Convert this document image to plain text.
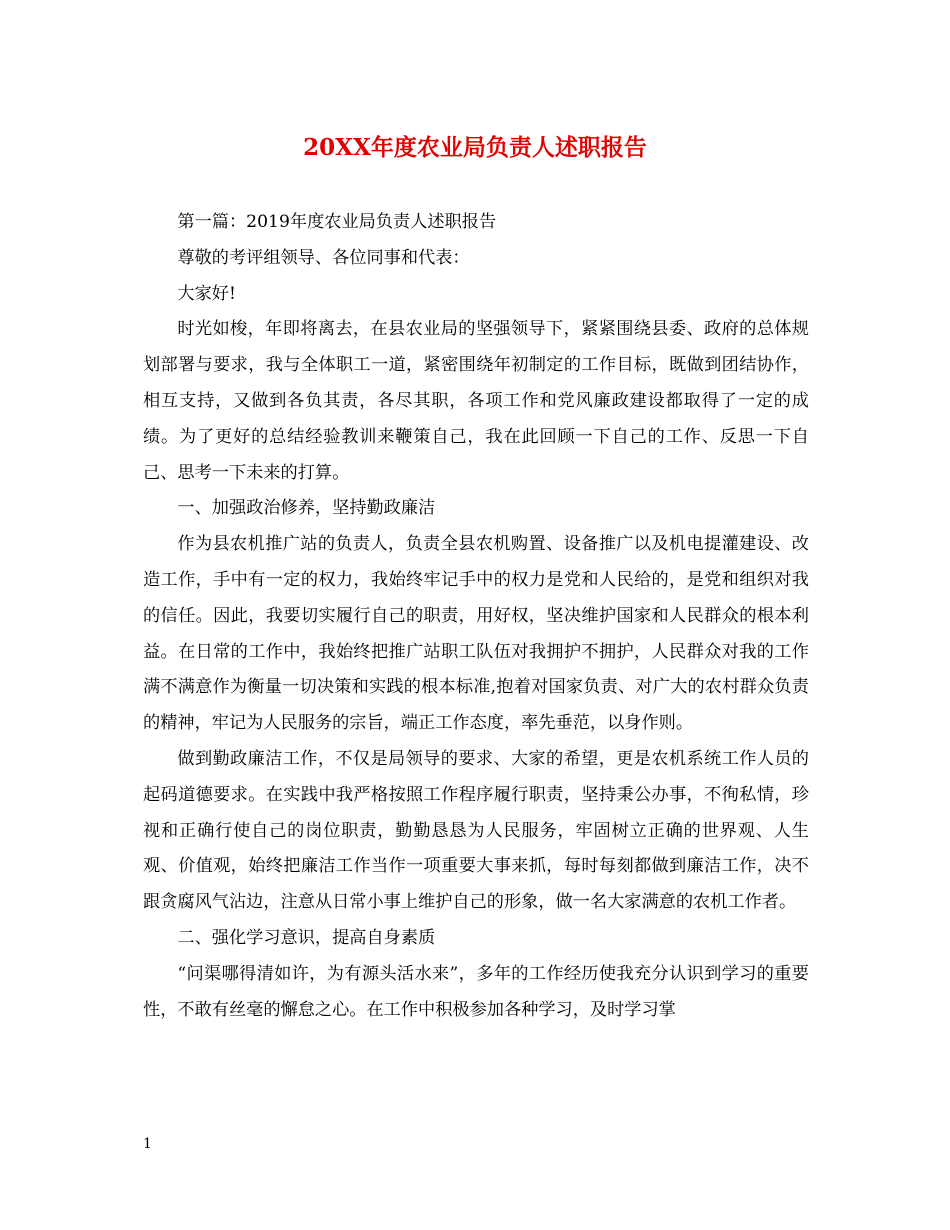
20XX年度农业局负责人述职报告

第一篇：2019年度农业局负责人述职报告

尊敬的考评组领导、各位同事和代表：

大家好!

时光如梭，年即将离去，在县农业局的坚强领导下，紧紧围绕县委、政府的总体规划部署与要求，我与全体职工一道，紧密围绕年初制定的工作目标，既做到团结协作，相互支持，又做到各负其责，各尽其职，各项工作和党风廉政建设都取得了一定的成绩。为了更好的总结经验教训来鞭策自己，我在此回顾一下自己的工作、反思一下自己、思考一下未来的打算。

一、加强政治修养，坚持勤政廉洁

作为县农机推广站的负责人，负责全县农机购置、设备推广以及机电提灌建设、改造工作，手中有一定的权力，我始终牢记手中的权力是党和人民给的，是党和组织对我的信任。因此，我要切实履行自己的职责，用好权，坚决维护国家和人民群众的根本利益。在日常的工作中，我始终把推广站职工队伍对我拥护不拥护，人民群众对我的工作满不满意作为衡量一切决策和实践的根本标准,抱着对国家负责、对广大的农村群众负责的精神，牢记为人民服务的宗旨，端正工作态度，率先垂范，以身作则。

做到勤政廉洁工作，不仅是局领导的要求、大家的希望，更是农机系统工作人员的起码道德要求。在实践中我严格按照工作程序履行职责，坚持秉公办事，不徇私情，珍视和正确行使自己的岗位职责，勤勤恳恳为人民服务，牢固树立正确的世界观、人生观、价值观，始终把廉洁工作当作一项重要大事来抓，每时每刻都做到廉洁工作，决不跟贪腐风气沾边，注意从日常小事上维护自己的形象，做一名大家满意的农机工作者。

二、强化学习意识，提高自身素质

“问渠哪得清如许，为有源头活水来”，多年的工作经历使我充分认识到学习的重要性，不敢有丝毫的懈怠之心。在工作中积极参加各种学习，及时学习掌

1
